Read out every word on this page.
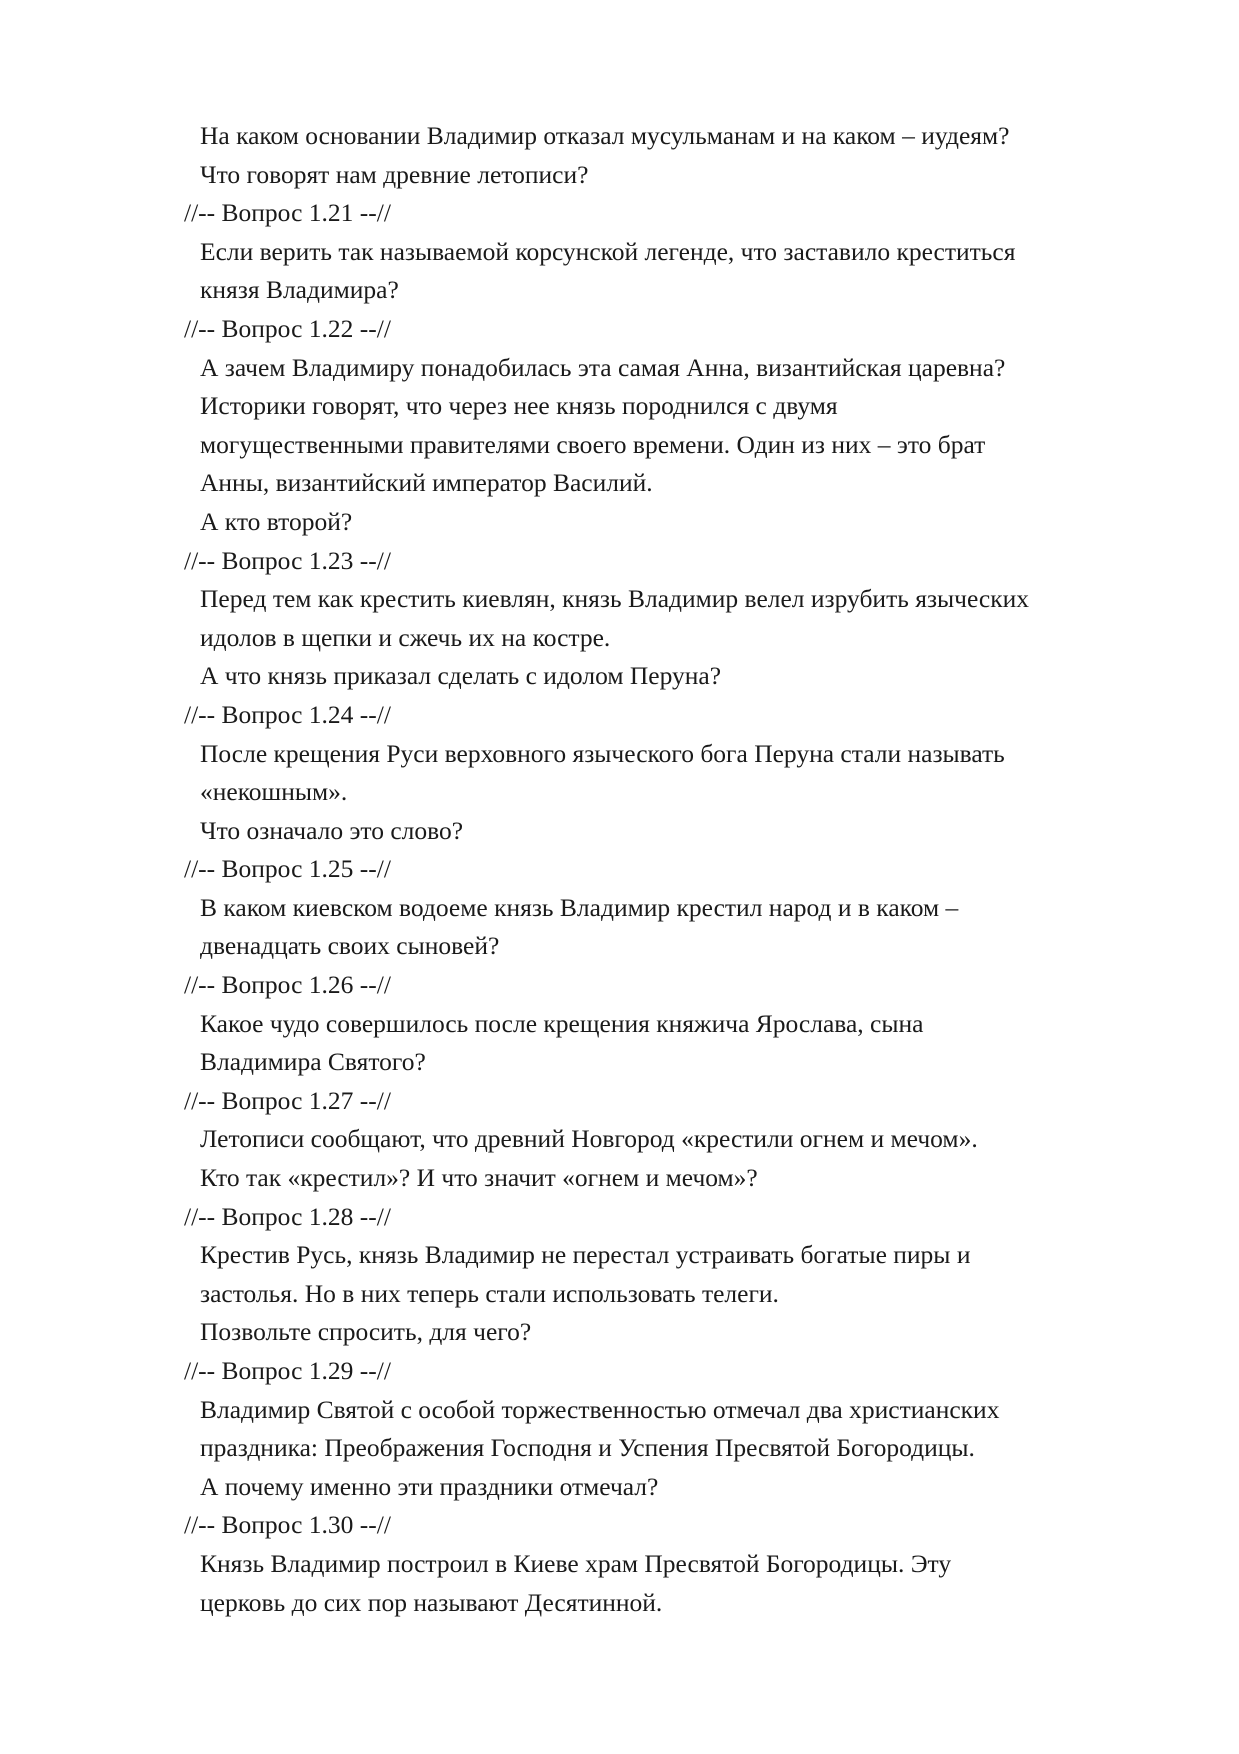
На каком основании Владимир отказал мусульманам и на каком – иудеям?
Что говорят нам древние летописи?

//-- Вопрос 1.21 --//

Если верить так называемой корсунской легенде, что заставило креститься
князя Владимира?

//-- Вопрос 1.22 --//

А зачем Владимиру понадобилась эта самая Анна, византийская царевна?
Историки говорят, что через нее князь породнился с двумя
могущественными правителями своего времени. Один из них – это брат
Анны, византийский император Василий.

А кто второй?

//-- Вопрос 1.23 --//

Перед тем как крестить киевлян, князь Владимир велел изрубить языческих
идолов в щепки и сжечь их на костре.

А что князь приказал сделать с идолом Перуна?

//-- Вопрос 1.24 --//

После крещения Руси верховного языческого бога Перуна стали называть
«некошным».

Что означало это слово?

//-- Вопрос 1.25 --//

В каком киевском водоеме князь Владимир крестил народ и в каком –
двенадцать своих сыновей?

//-- Вопрос 1.26 --//

Какое чудо совершилось после крещения княжича Ярослава, сына
Владимира Святого?

//-- Вопрос 1.27 --//

Летописи сообщают, что древний Новгород «крестили огнем и мечом».

Кто так «крестил»? И что значит «огнем и мечом»?

//-- Вопрос 1.28 --//

Крестив Русь, князь Владимир не перестал устраивать богатые пиры и
застолья. Но в них теперь стали использовать телеги.

Позвольте спросить, для чего?

//-- Вопрос 1.29 --//

Владимир Святой с особой торжественностью отмечал два христианских
праздника: Преображения Господня и Успения Пресвятой Богородицы.

А почему именно эти праздники отмечал?

//-- Вопрос 1.30 --//

Князь Владимир построил в Киеве храм Пресвятой Богородицы. Эту
церковь до сих пор называют Десятинной.
